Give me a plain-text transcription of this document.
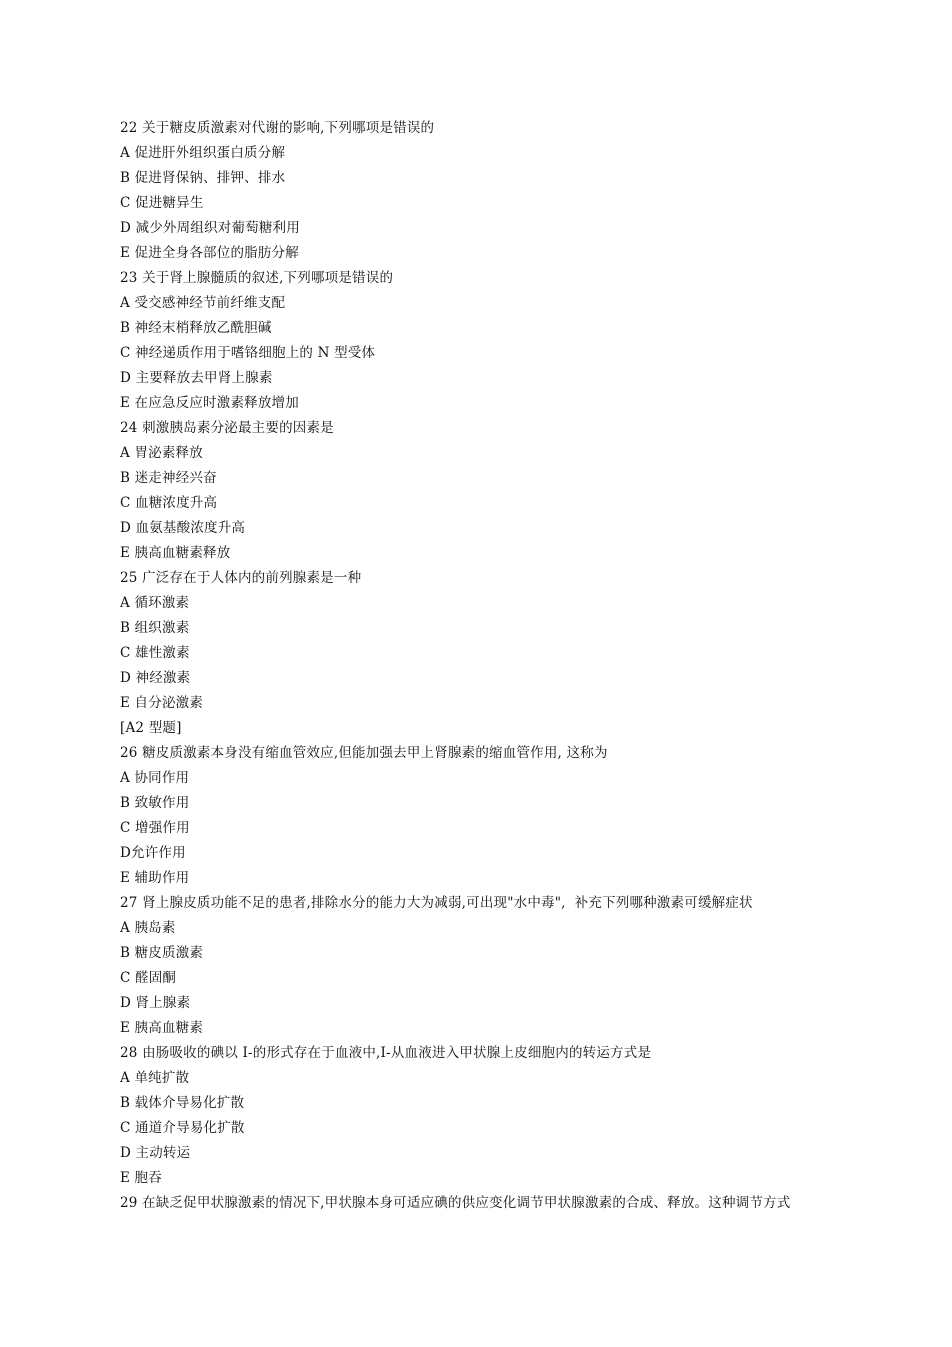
22 关于糖皮质激素对代谢的影响,下列哪项是错误的
A 促进肝外组织蛋白质分解
B 促进肾保钠、排钾、排水
C 促进糖异生
D 减少外周组织对葡萄糖利用
E 促进全身各部位的脂肪分解
23 关于肾上腺髓质的叙述,下列哪项是错误的
A 受交感神经节前纤维支配
B 神经末梢释放乙酰胆碱
C 神经递质作用于嗜铬细胞上的 N 型受体
D 主要释放去甲肾上腺素
E 在应急反应时激素释放增加
24 刺激胰岛素分泌最主要的因素是
A 胃泌素释放
B 迷走神经兴奋
C 血糖浓度升高
D 血氨基酸浓度升高
E 胰高血糖素释放
25 广泛存在于人体内的前列腺素是一种
A 循环激素
B 组织激素
C 雄性激素
D 神经激素
E 自分泌激素
[A2 型题]
26 糖皮质激素本身没有缩血管效应,但能加强去甲上肾腺素的缩血管作用, 这称为
A 协同作用
B 致敏作用
C 增强作用
D允许作用
E 辅助作用
27 肾上腺皮质功能不足的患者,排除水分的能力大为减弱,可出现"水中毒",  补充下列哪种激素可缓解症状
A 胰岛素
B 糖皮质激素
C 醛固酮
D 肾上腺素
E 胰高血糖素
28 由肠吸收的碘以 I-的形式存在于血液中,I-从血液进入甲状腺上皮细胞内的转运方式是
A 单纯扩散
B 载体介导易化扩散
C 通道介导易化扩散
D 主动转运
E 胞吞
29 在缺乏促甲状腺激素的情况下,甲状腺本身可适应碘的供应变化调节甲状腺激素的合成、释放。这种调节方式
